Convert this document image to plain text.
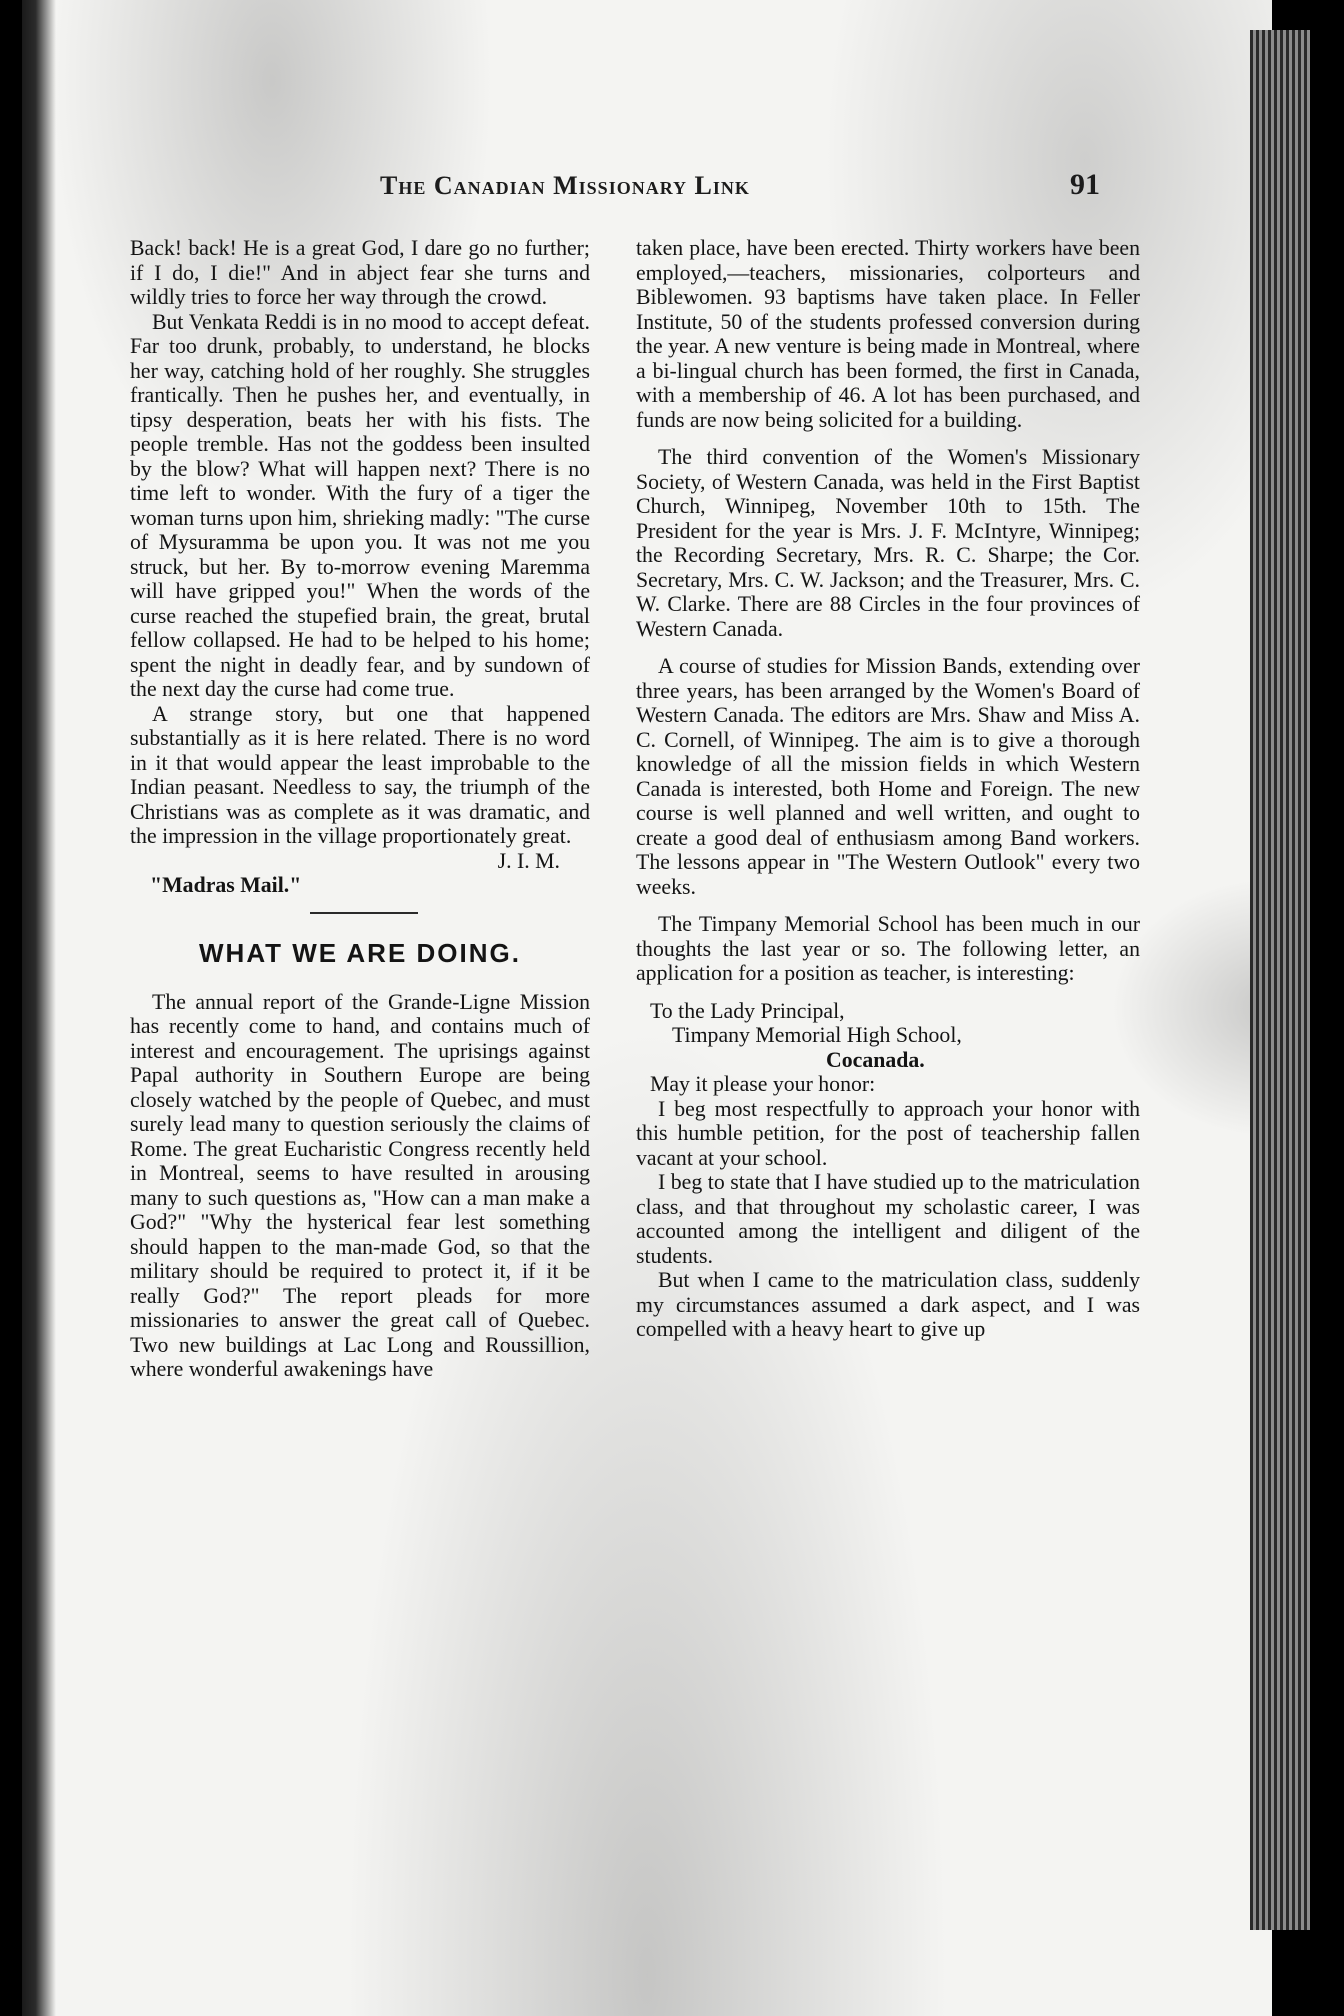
The Canadian Missionary Link	91

Back! back! He is a great God, I dare go no further; if I do, I die!" And in abject fear she turns and wildly tries to force her way through the crowd.

But Venkata Reddi is in no mood to accept defeat. Far too drunk, probably, to understand, he blocks her way, catching hold of her roughly. She struggles frantically. Then he pushes her, and eventually, in tipsy desperation, beats her with his fists. The people tremble. Has not the goddess been insulted by the blow? What will happen next? There is no time left to wonder. With the fury of a tiger the woman turns upon him, shrieking madly: "The curse of Mysuramma be upon you. It was not me you struck, but her. By to-morrow evening Maremma will have gripped you!" When the words of the curse reached the stupefied brain, the great, brutal fellow collapsed. He had to be helped to his home; spent the night in deadly fear, and by sundown of the next day the curse had come true.

A strange story, but one that happened substantially as it is here related. There is no word in it that would appear the least improbable to the Indian peasant. Needless to say, the triumph of the Christians was as complete as it was dramatic, and the impression in the village proportionately great.

J. I. M.
"Madras Mail."
WHAT WE ARE DOING.

The annual report of the Grande-Ligne Mission has recently come to hand, and contains much of interest and encouragement. The uprisings against Papal authority in Southern Europe are being closely watched by the people of Quebec, and must surely lead many to question seriously the claims of Rome. The great Eucharistic Congress recently held in Montreal, seems to have resulted in arousing many to such questions as, "How can a man make a God?" "Why the hysterical fear lest something should happen to the man-made God, so that the military should be required to protect it, if it be really God?" The report pleads for more missionaries to answer the great call of Quebec. Two new buildings at Lac Long and Roussillion, where wonderful awakenings have

taken place, have been erected. Thirty workers have been employed,—teachers, missionaries, colporteurs and Biblewomen. 93 baptisms have taken place. In Feller Institute, 50 of the students professed conversion during the year. A new venture is being made in Montreal, where a bi-lingual church has been formed, the first in Canada, with a membership of 46. A lot has been purchased, and funds are now being solicited for a building.

The third convention of the Women's Missionary Society, of Western Canada, was held in the First Baptist Church, Winnipeg, November 10th to 15th. The President for the year is Mrs. J. F. McIntyre, Winnipeg; the Recording Secretary, Mrs. R. C. Sharpe; the Cor. Secretary, Mrs. C. W. Jackson; and the Treasurer, Mrs. C. W. Clarke. There are 88 Circles in the four provinces of Western Canada.

A course of studies for Mission Bands, extending over three years, has been arranged by the Women's Board of Western Canada. The editors are Mrs. Shaw and Miss A. C. Cornell, of Winnipeg. The aim is to give a thorough knowledge of all the mission fields in which Western Canada is interested, both Home and Foreign. The new course is well planned and well written, and ought to create a good deal of enthusiasm among Band workers. The lessons appear in "The Western Outlook" every two weeks.

The Timpany Memorial School has been much in our thoughts the last year or so. The following letter, an application for a position as teacher, is interesting:

To the Lady Principal,
Timpany Memorial High School,
Cocanada.

May it please your honor:

I beg most respectfully to approach your honor with this humble petition, for the post of teachership fallen vacant at your school.

I beg to state that I have studied up to the matriculation class, and that throughout my scholastic career, I was accounted among the intelligent and diligent of the students.

But when I came to the matriculation class, suddenly my circumstances assumed a dark aspect, and I was compelled with a heavy heart to give up
